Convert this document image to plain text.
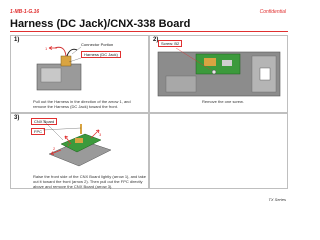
1-MB-1-G.16	Confidential
Harness (DC Jack)/CNX-338 Board
1)
1
Connector Portion
Harness (DC Jack)
Pull out the Harness in the direction of the arrow 1, and remove the Harness (DC Jack) toward the front.
2)
Screw: B2
Remove the one screw.
3)
CNX Board
FPC
1
2
3
Raise the front side of the CNX Board lightly (arrow 1), and take out it toward the front (arrow 2). Then pull out the FPC directly above and remove the CNX Board (arrow 3).
TX Series
